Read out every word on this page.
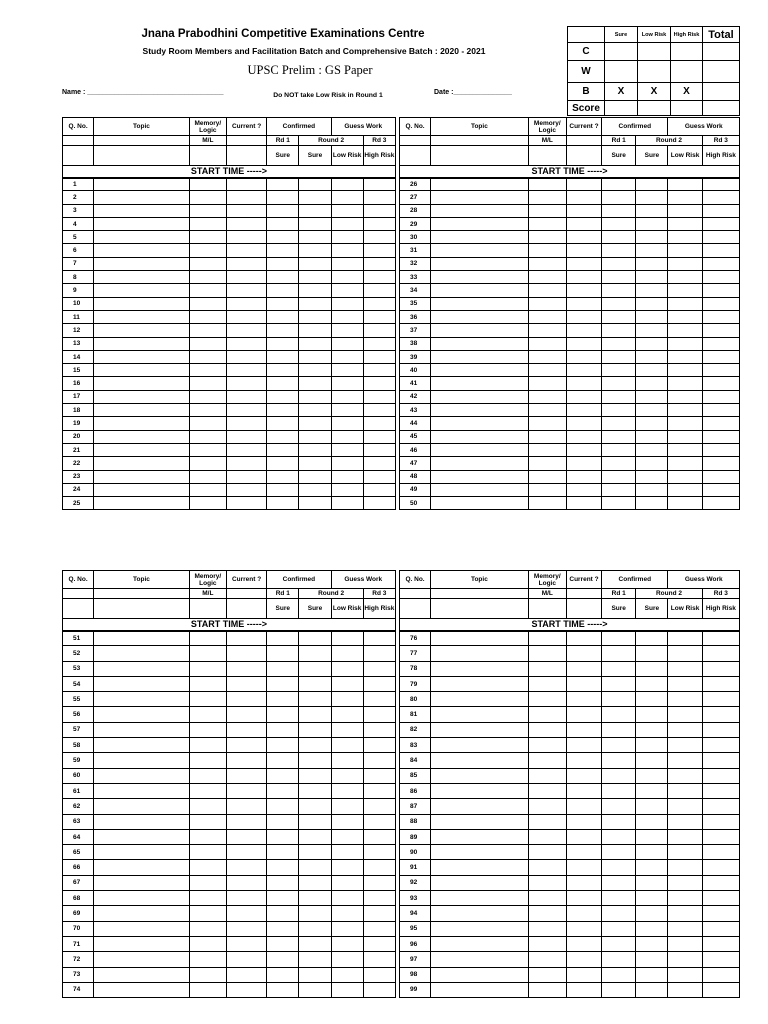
Jnana Prabodhini Competitive Examinations Centre
Study Room Members and Facilitation Batch and Comprehensive Batch : 2020 - 2021
UPSC Prelim : GS Paper
Name : ___________________________________	Do NOT take Low Risk in Round 1	Date :_______________
	Sure	Low Risk	High Risk	Total
C				
W				
B	X	X	X	
Score				
Q. No.	Topic	Memory/ Logic	Current ?	Confirmed		Guess Work			Q. No.	Topic	Memory/ Logic	Current ?	Confirmed		Guess Work	
		M/L		Rd 1	Round 2		Rd 3				M/L		Rd 1	Round 2		Rd 3
				Sure	Sure	Low Risk	High Risk						Sure	Sure	Low Risk	High Risk
START TIME ----->									START TIME ----->							
1									26							
2									27							
3									28							
4									29							
5									30							
6									31							
7									32							
8									33							
9									34							
10									35							
11									36							
12									37							
13									38							
14									39							
15									40							
16									41							
17									42							
18									43							
19									44							
20									45							
21									46							
22									47							
23									48							
24									49							
25									50							
Q. No.	Topic	Memory/ Logic	Current ?	Confirmed		Guess Work			Q. No.	Topic	Memory/ Logic	Current ?	Confirmed		Guess Work	
		M/L		Rd 1	Round 2		Rd 3				M/L		Rd 1	Round 2		Rd 3
				Sure	Sure	Low Risk	High Risk						Sure	Sure	Low Risk	High Risk
START TIME ----->									START TIME ----->							
51									76							
52									77							
53									78							
54									79							
55									80							
56									81							
57									82							
58									83							
59									84							
60									85							
61									86							
62									87							
63									88							
64									89							
65									90							
66									91							
67									92							
68									93							
69									94							
70									95							
71									96							
72									97							
73									98							
74									99							
